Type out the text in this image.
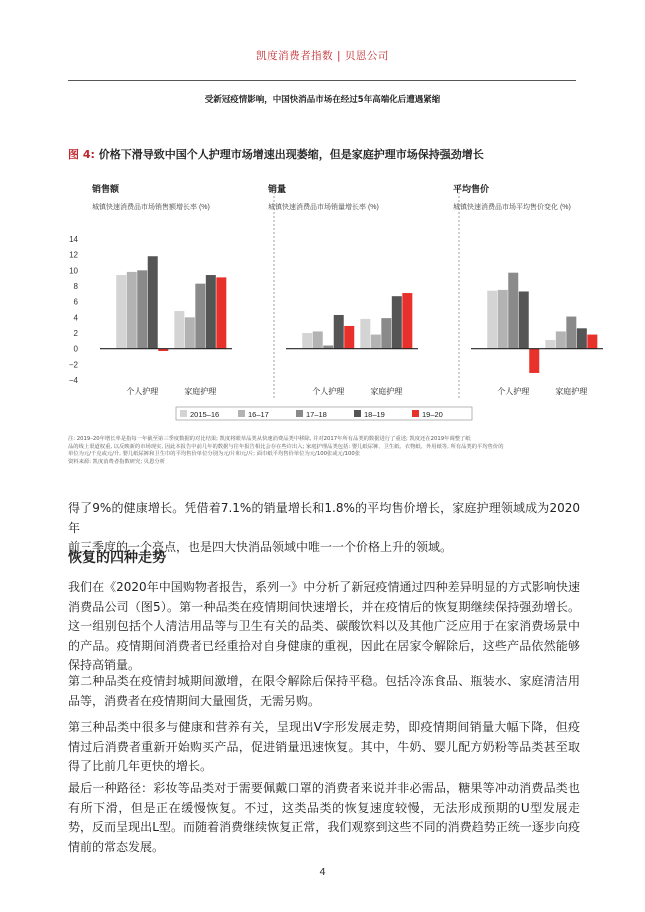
凯度消费者指数 | 贝恩公司
受新冠疫情影响，中国快消品市场在经过5年高端化后遭遇紧缩
图 4: 价格下滑导致中国个人护理市场增速出现萎缩，但是家庭护理市场保持强劲增长
14
12
10
8
6
4
2
0
−2
−4
销售额
城镇快速消费品市场销售额增长率 (%)
个人护理	家庭护理
销量
城镇快速消费品市场销量增长率 (%)
个人护理	家庭护理
平均售价
城镇快速消费品市场平均售价变化 (%)
个人护理	家庭护理
2015–16	16–17	17–18	18–19	19–20

注: 2019–20年增长率是指每一年截至第三季度数据的对比结果; 凯度将眼草品类从快速消费品类中移除, 并对2017年所有品类的数据进行了重述; 凯度还在2019年调整了纸

品的线上渠道权重, 以反映新的市场现实, 因此本报告中前几年的数据与往年报告相比会存在些许出入; 家庭护理品类包括: 婴儿纸尿裤、卫生纸、衣物纸、外用纸等, 所有品类的平均售价的

单位为元/千克或元/升, 婴儿纸尿裤和卫生巾的平均售价单位分别为元/片和元/片; 面巾纸平均售价单位为元/100张或元/100张

资料来源: 凯度消费者指数研究; 贝恩分析

得了9%的健康增长。凭借着7.1%的销量增长和1.8%的平均售价增长，家庭护理领域成为2020年

前三季度的一个亮点，也是四大快消品领域中唯一一个价格上升的领域。

恢复的四种走势

我们在《2020年中国购物者报告，系列一》中分析了新冠疫情通过四种差异明显的方式影响快速消费品公司（图5）。第一种品类在疫情期间快速增长，并在疫情后的恢复期继续保持强劲增长。这一组别包括个人清洁用品等与卫生有关的品类、碳酸饮料以及其他广泛应用于在家消费场景中的产品。疫情期间消费者已经重拾对自身健康的重视，因此在居家令解除后，这些产品依然能够保持高销量。

第二种品类在疫情封城期间激增，在限令解除后保持平稳。包括冷冻食品、瓶装水、家庭清洁用品等，消费者在疫情期间大量囤货，无需另购。

第三种品类中很多与健康和营养有关，呈现出V字形发展走势，即疫情期间销量大幅下降，但疫情过后消费者重新开始购买产品，促进销量迅速恢复。其中，牛奶、婴儿配方奶粉等品类甚至取得了比前几年更快的增长。

最后一种路径：彩妆等品类对于需要佩戴口罩的消费者来说并非必需品，糖果等冲动消费品类也有所下滑，但是正在缓慢恢复。不过，这类品类的恢复速度较慢，无法形成预期的U型发展走势，反而呈现出L型。而随着消费继续恢复正常，我们观察到这些不同的消费趋势正统一逐步向疫情前的常态发展。

4
